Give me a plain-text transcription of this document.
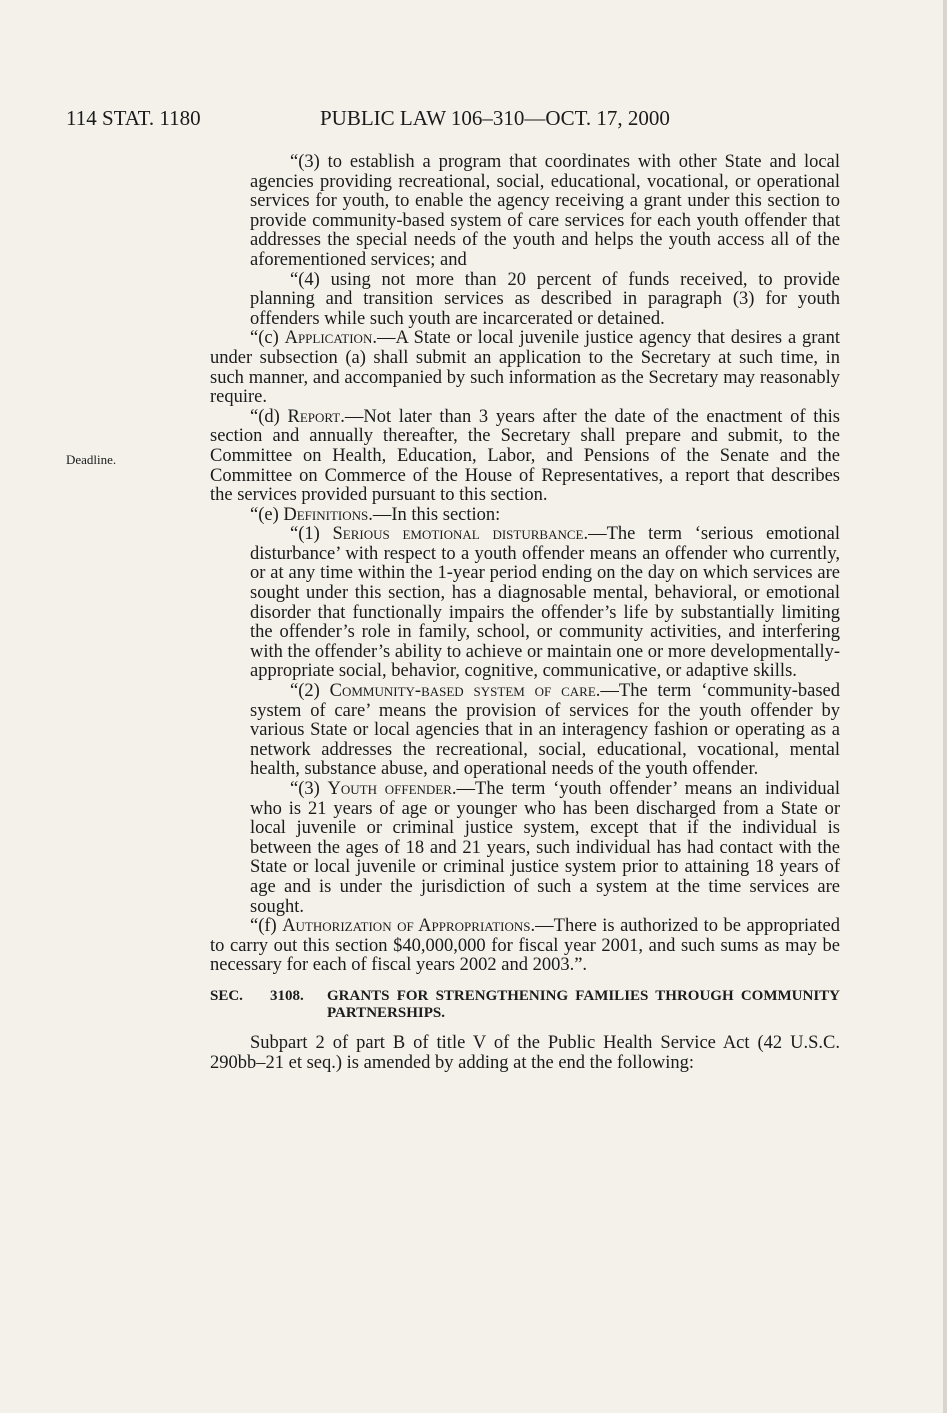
114 STAT. 1180	PUBLIC LAW 106–310—OCT. 17, 2000
Deadline.

“(3) to establish a program that coordinates with other State and local agencies providing recreational, social, educational, vocational, or operational services for youth, to enable the agency receiving a grant under this section to provide community-based system of care services for each youth offender that addresses the special needs of the youth and helps the youth access all of the aforementioned services; and

“(4) using not more than 20 percent of funds received, to provide planning and transition services as described in paragraph (3) for youth offenders while such youth are incarcerated or detained.

“(c) Application.—A State or local juvenile justice agency that desires a grant under subsection (a) shall submit an application to the Secretary at such time, in such manner, and accompanied by such information as the Secretary may reasonably require.

“(d) Report.—Not later than 3 years after the date of the enactment of this section and annually thereafter, the Secretary shall prepare and submit, to the Committee on Health, Education, Labor, and Pensions of the Senate and the Committee on Commerce of the House of Representatives, a report that describes the services provided pursuant to this section.

“(e) Definitions.—In this section:

“(1) Serious emotional disturbance.—The term ‘serious emotional disturbance’ with respect to a youth offender means an offender who currently, or at any time within the 1-year period ending on the day on which services are sought under this section, has a diagnosable mental, behavioral, or emotional disorder that functionally impairs the offender’s life by substantially limiting the offender’s role in family, school, or community activities, and interfering with the offender’s ability to achieve or maintain one or more developmentally-appropriate social, behavior, cognitive, communicative, or adaptive skills.

“(2) Community-based system of care.—The term ‘community-based system of care’ means the provision of services for the youth offender by various State or local agencies that in an interagency fashion or operating as a network addresses the recreational, social, educational, vocational, mental health, substance abuse, and operational needs of the youth offender.

“(3) Youth offender.—The term ‘youth offender’ means an individual who is 21 years of age or younger who has been discharged from a State or local juvenile or criminal justice system, except that if the individual is between the ages of 18 and 21 years, such individual has had contact with the State or local juvenile or criminal justice system prior to attaining 18 years of age and is under the jurisdiction of such a system at the time services are sought.

“(f) Authorization of Appropriations.—There is authorized to be appropriated to carry out this section $40,000,000 for fiscal year 2001, and such sums as may be necessary for each of fiscal years 2002 and 2003.”.

SEC. 3108. GRANTS FOR STRENGTHENING FAMILIES THROUGH COMMUNITY PARTNERSHIPS.

Subpart 2 of part B of title V of the Public Health Service Act (42 U.S.C. 290bb–21 et seq.) is amended by adding at the end the following:
